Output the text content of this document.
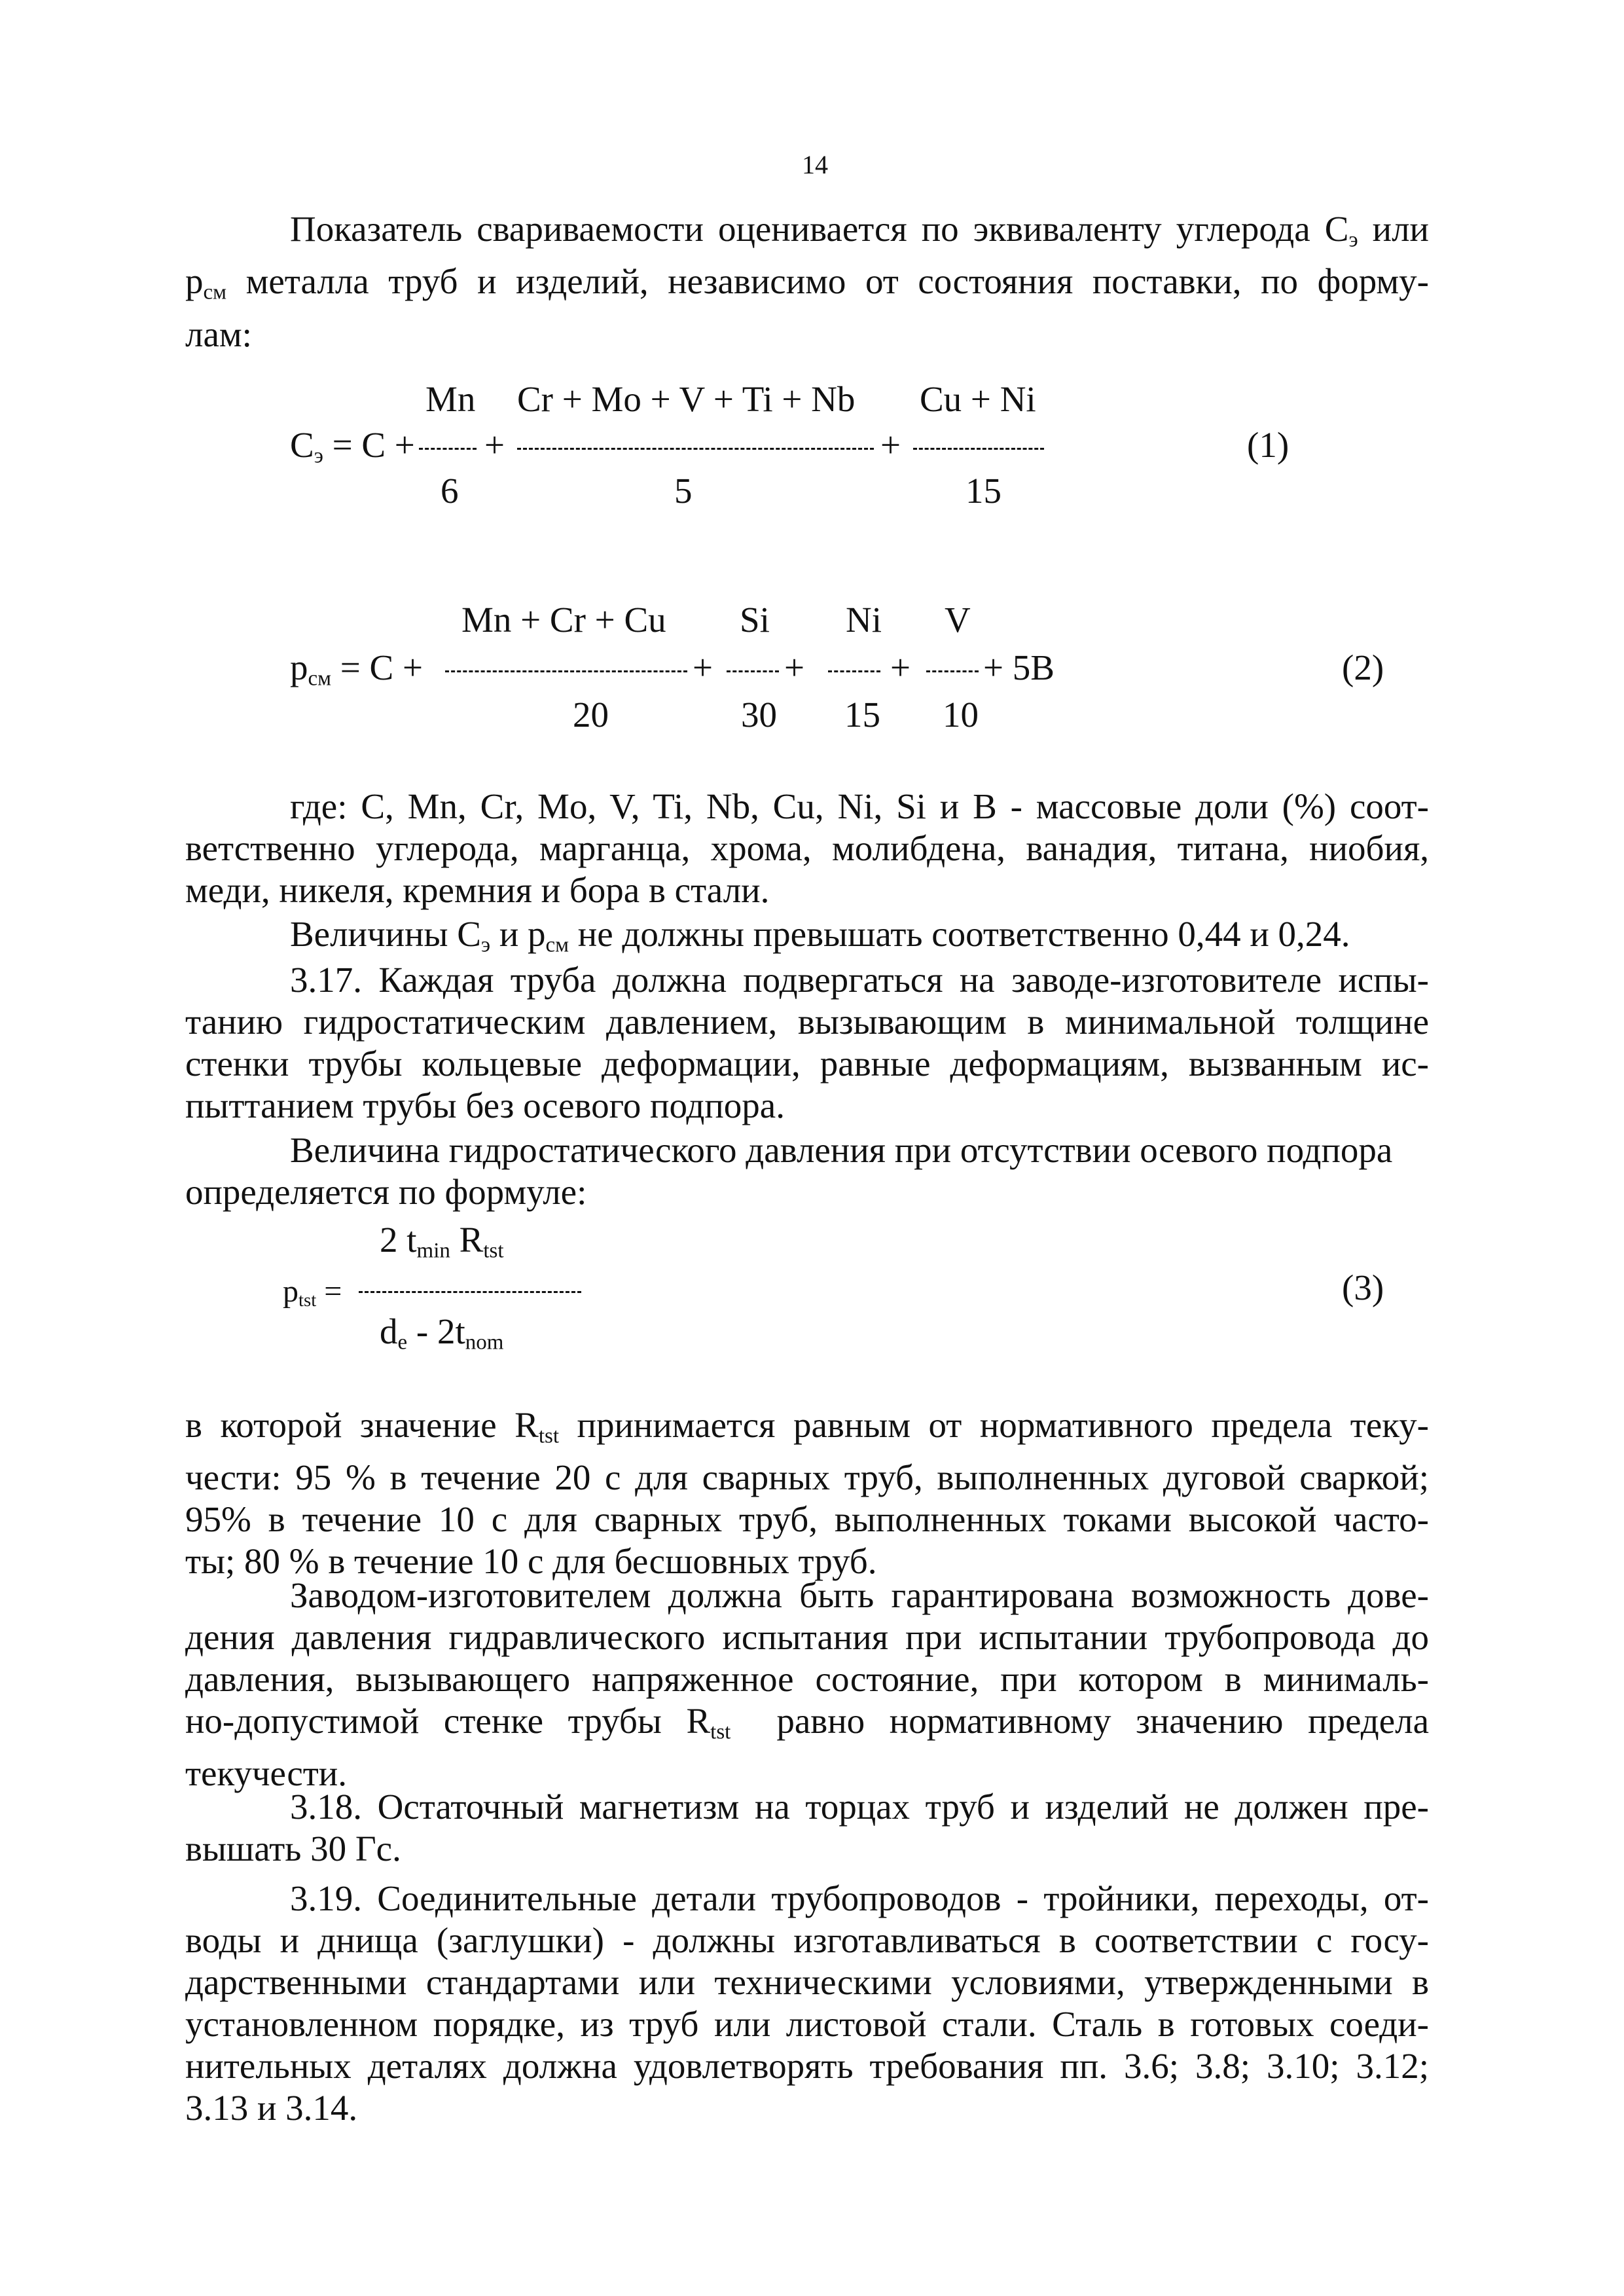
14
Показатель свариваемости оценивается по эквиваленту углерода $C_э$ или
$p_{см}$ металла труб и изделий, независимо от состояния поставки, по форму-
лам:
Mn Cr + Mo + V + Ti + Nb Cu + Ni
$C_э = C$ + +	+	(1)
6	5	15
Mn + Cr + Cu Si Ni V
$p_{см} = C$ +	+ + + + 5B	(2)
20	30 15 10
где: C, Mn, Cr, Mo, V, Ti, Nb, Cu, Ni, Si и B - массовые доли (%) соот-
ветственно углерода, марганца, хрома, молибдена, ванадия, титана, ниобия,
меди, никеля, кремния и бора в стали.
Величины $C_э$ и $p_{см}$ не должны превышать соответственно 0,44 и 0,24.
3.17. Каждая труба должна подвергаться на заводе-изготовителе испы-
танию гидростатическим давлением, вызывающим в минимальной толщине
стенки трубы кольцевые деформации, равные деформациям, вызванным ис-
пыттанием трубы без осевого подпора.
Величина гидростатического давления при отсутствии осевого подпора
определяется по формуле:
2 $t_{min}$ $R_{tst}$
$p_{tst}$ =	(3)
$d_e - 2t_{nom}$
в которой значение $R_{tst}$ принимается равным от нормативного предела теку-
чести: 95 % в течение 20 с для сварных труб, выполненных дуговой сваркой;
95% в течение 10 с для сварных труб, выполненных токами высокой часто-
ты; 80 % в течение 10 с для бесшовных труб.
Заводом-изготовителем должна быть гарантирована возможность дове-
дения давления гидравлического испытания при испытании трубопровода до
давления, вызывающего напряженное состояние, при котором в минималь-
но-допустимой стенке трубы $R_{tst}$ равно нормативному значению предела
текучести.
3.18. Остаточный магнетизм на торцах труб и изделий не должен пре-
вышать 30 Гс.
3.19. Соединительные детали трубопроводов - тройники, переходы, от-
воды и днища (заглушки) - должны изготавливаться в соответствии с госу-
дарственными стандартами или техническими условиями, утвержденными в
установленном порядке, из труб или листовой стали. Сталь в готовых соеди-
нительных деталях должна удовлетворять требования пп. 3.6; 3.8; 3.10; 3.12;
3.13 и 3.14.
